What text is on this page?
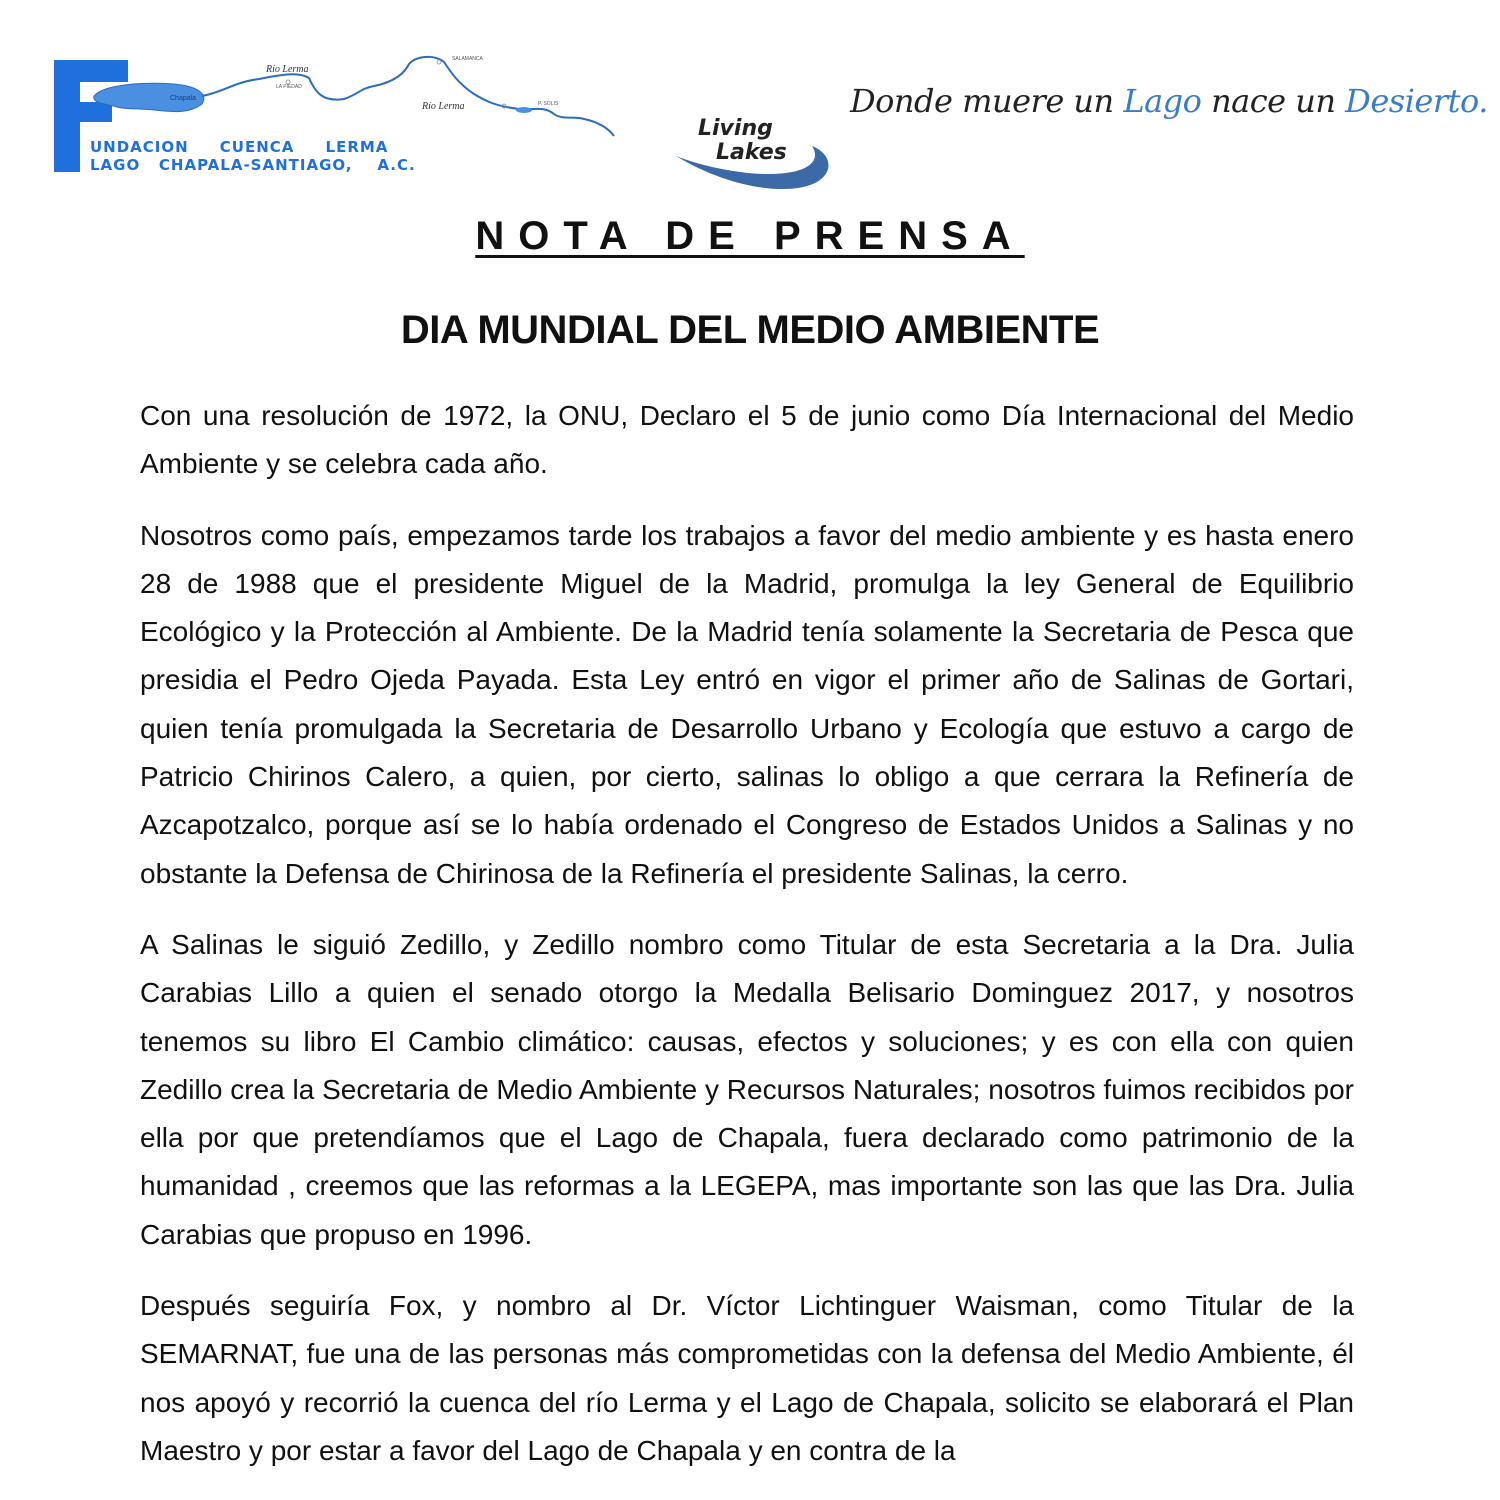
Río Lerma
Río Lerma
Chapala
LA PIEDAD
SALAMANCA
P. SOLIS
UNDACION     CUENCA     LERMA
LAGO   CHAPALA-SANTIAGO,    A.C.
Living
Lakes
Donde muere un Lago nace un Desierto.
NOTA DE PRENSA
DIA MUNDIAL DEL MEDIO AMBIENTE

Con una resolución de 1972, la ONU, Declaro el 5 de junio como Día Internacional del Medio Ambiente y se celebra cada año.

Nosotros como país, empezamos tarde los trabajos a favor del medio ambiente y es hasta enero 28 de 1988 que el presidente Miguel de la Madrid, promulga la ley General de Equilibrio Ecológico y la Protección al Ambiente. De la Madrid tenía solamente la Secretaria de Pesca que presidia el Pedro Ojeda Payada. Esta Ley entró en vigor el primer año de Salinas de Gortari, quien tenía promulgada la Secretaria de Desarrollo Urbano y Ecología que estuvo a cargo de Patricio Chirinos Calero, a quien, por cierto, salinas lo obligo a que cerrara la Refinería de Azcapotzalco, porque así se lo había ordenado el Congreso de Estados Unidos a Salinas y no obstante la Defensa de Chirinosa de la Refinería el presidente Salinas, la cerro.

A Salinas le siguió Zedillo, y Zedillo nombro como Titular de esta Secretaria a la Dra. Julia Carabias Lillo a quien el senado otorgo la Medalla Belisario Dominguez 2017, y nosotros tenemos su libro El Cambio climático: causas, efectos y soluciones; y es con ella con quien Zedillo crea la Secretaria de Medio Ambiente y Recursos Naturales; nosotros fuimos recibidos por ella por que pretendíamos que el Lago de Chapala, fuera declarado como patrimonio de la humanidad , creemos que las reformas a la LEGEPA, mas importante son las que las Dra. Julia Carabias que propuso en 1996.

Después seguiría Fox, y nombro al Dr. Víctor Lichtinguer Waisman, como Titular de la SEMARNAT, fue una de las personas más comprometidas con la defensa del Medio Ambiente, él nos apoyó y recorrió la cuenca del río Lerma y el Lago de Chapala, solicito se elaborará el Plan Maestro y por estar a favor del Lago de Chapala y en contra de la
